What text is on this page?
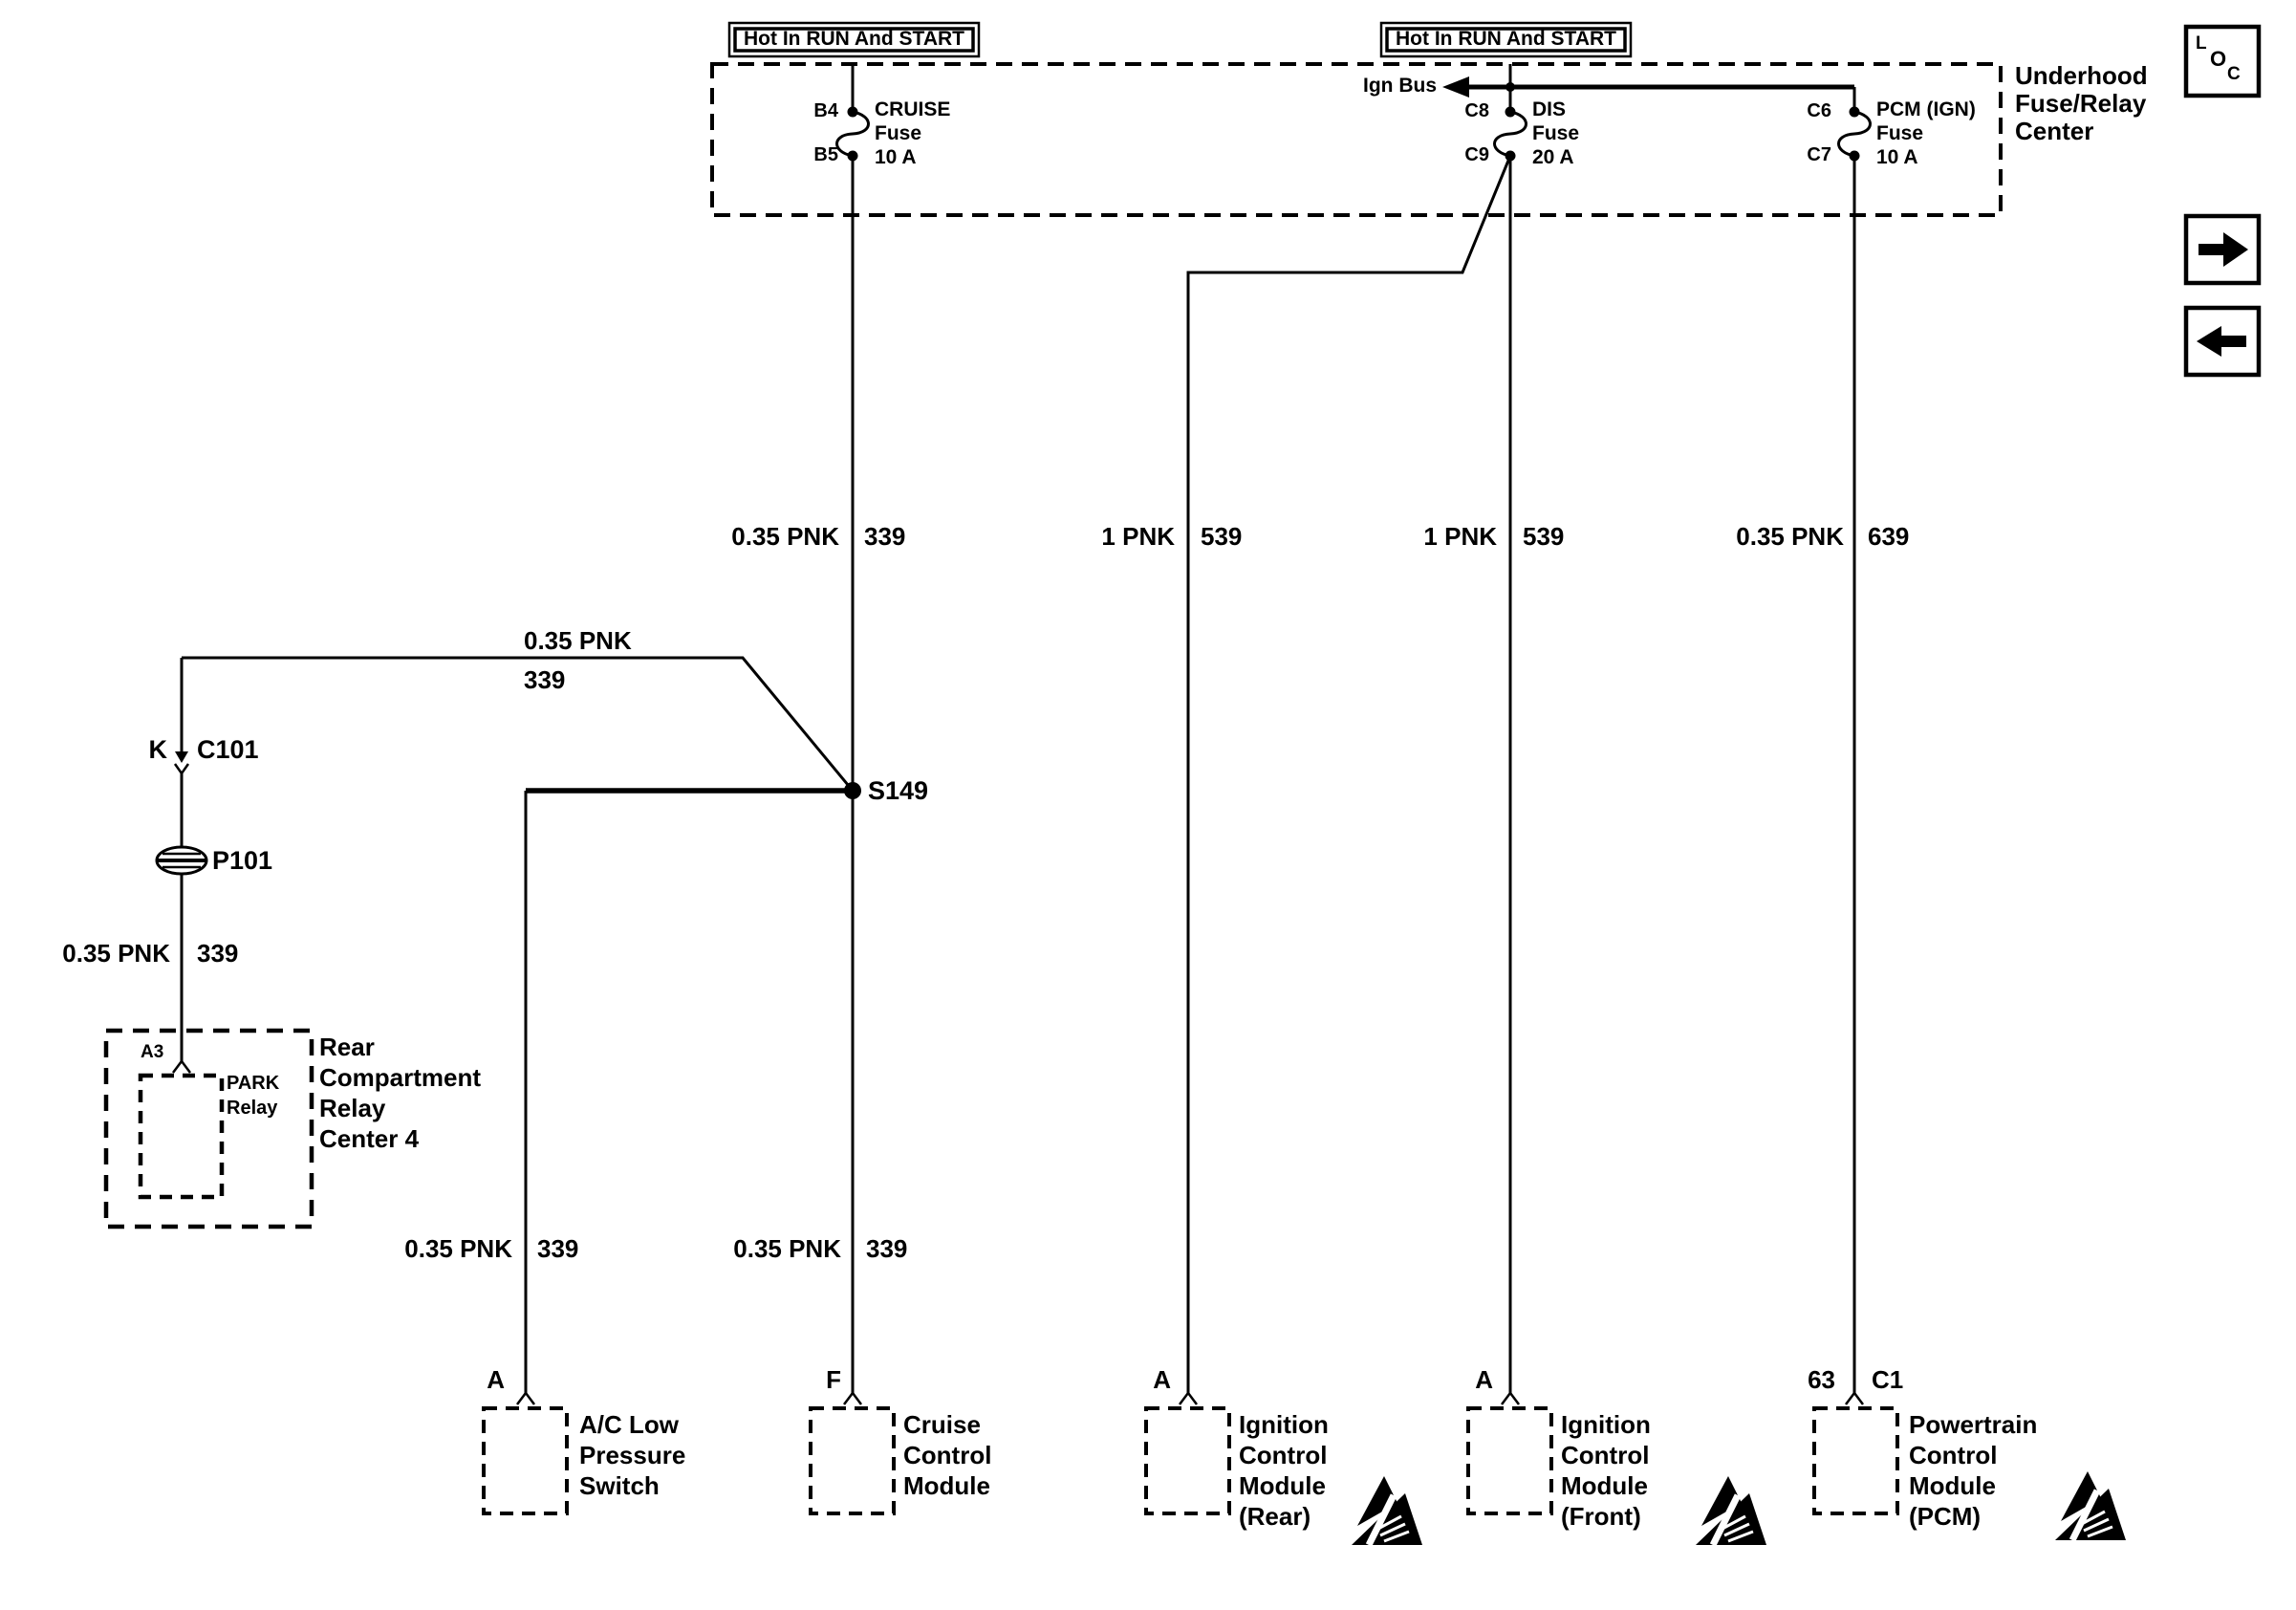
Hot In RUN And START	Hot In RUN And START
Underhood
Fuse/Relay
Center
Ign Bus
B4
B5
CRUISE
Fuse
10 A
C8
C9
DIS
Fuse
20 A
C6
C7
PCM (IGN)
Fuse
10 A
0.35 PNK 339	1 PNK 539	1 PNK 539	0.35 PNK 639
0.35 PNK
339
K C101
P101
S149
0.35 PNK 339
A3
PARK
Relay
Rear
Compartment
Relay
Center 4
0.35 PNK 339	0.35 PNK 339
A	F	A	A	63 C1
A/C Low
Pressure
Switch
Cruise
Control
Module
Ignition
Control
Module
(Rear)
Ignition
Control
Module
(Front)
Powertrain
Control
Module
(PCM)
L
O
C
